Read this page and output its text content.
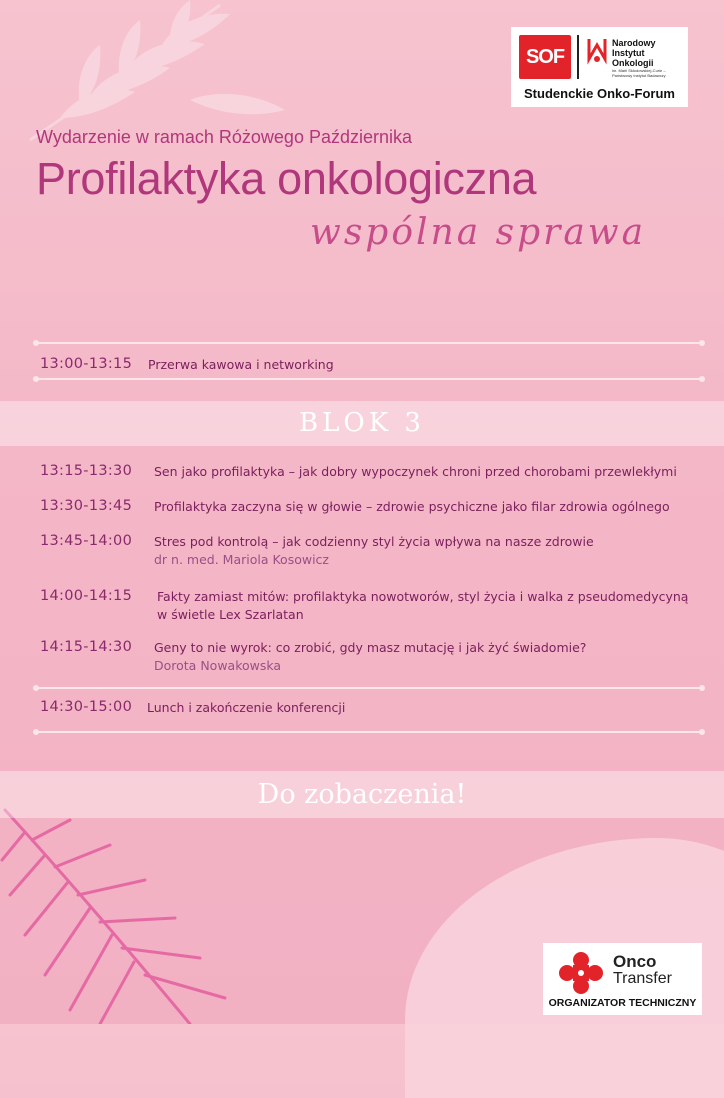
SOF
Narodowy
Instytut
Onkologii
im. Marii Skłodowskiej-Curie – Państwowy Instytut Badawczy
Studenckie Onko-Forum
Wydarzenie w ramach Różowego Października
Profilaktyka onkologiczna
wspólna sprawa
13:00-13:15 Przerwa kawowa i networking
BLOK 3
13:15-13:30 Sen jako profilaktyka – jak dobry wypoczynek chroni przed chorobami przewlekłymi
13:30-13:45 Profilaktyka zaczyna się w głowie – zdrowie psychiczne jako filar zdrowia ogólnego
13:45-14:00 Stres pod kontrolą – jak codzienny styl życia wpływa na nasze zdrowie
dr n. med. Mariola Kosowicz
14:00-14:15 Fakty zamiast mitów: profilaktyka nowotworów, styl życia i walka z pseudomedycyną w świetle Lex Szarlatan
14:15-14:30 Geny to nie wyrok: co zrobić, gdy masz mutację i jak żyć świadomie?
Dorota Nowakowska
14:30-15:00 Lunch i zakończenie konferencji
Do zobaczenia!
Onco
Transfer
ORGANIZATOR TECHNICZNY
